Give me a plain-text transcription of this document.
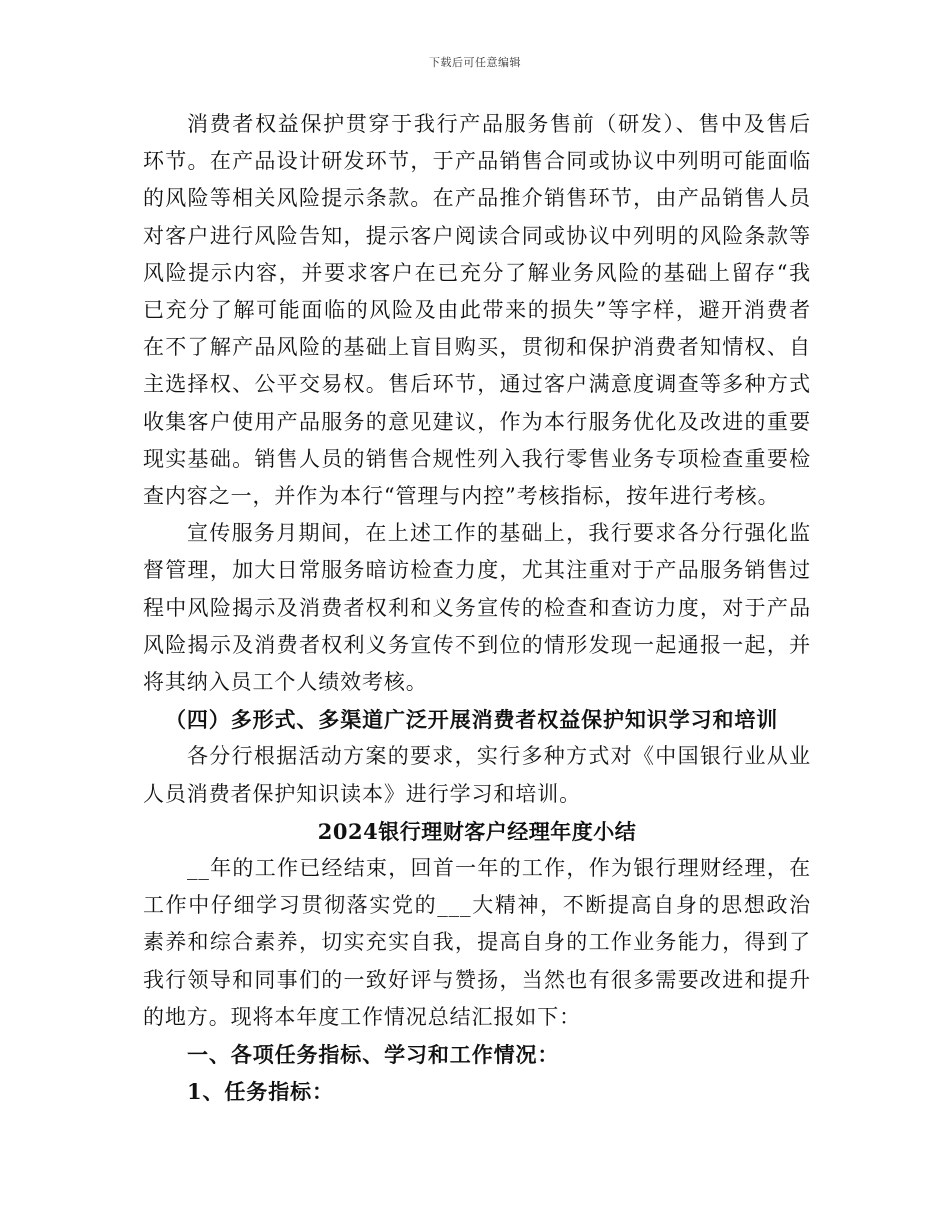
下载后可任意编辑

消费者权益保护贯穿于我行产品服务售前（研发）、售中及售后环节。在产品设计研发环节，于产品销售合同或协议中列明可能面临的风险等相关风险提示条款。在产品推介销售环节，由产品销售人员对客户进行风险告知，提示客户阅读合同或协议中列明的风险条款等风险提示内容，并要求客户在已充分了解业务风险的基础上留存“我已充分了解可能面临的风险及由此带来的损失”等字样，避开消费者在不了解产品风险的基础上盲目购买，贯彻和保护消费者知情权、自主选择权、公平交易权。售后环节，通过客户满意度调查等多种方式收集客户使用产品服务的意见建议，作为本行服务优化及改进的重要现实基础。销售人员的销售合规性列入我行零售业务专项检查重要检查内容之一，并作为本行“管理与内控”考核指标，按年进行考核。

宣传服务月期间，在上述工作的基础上，我行要求各分行强化监督管理，加大日常服务暗访检查力度，尤其注重对于产品服务销售过程中风险揭示及消费者权利和义务宣传的检查和查访力度，对于产品风险揭示及消费者权利义务宣传不到位的情形发现一起通报一起，并将其纳入员工个人绩效考核。

（四）多形式、多渠道广泛开展消费者权益保护知识学习和培训

各分行根据活动方案的要求，实行多种方式对《中国银行业从业人员消费者保护知识读本》进行学习和培训。

2024银行理财客户经理年度小结

__年的工作已经结束，回首一年的工作，作为银行理财经理，在工作中仔细学习贯彻落实党的___大精神，不断提高自身的思想政治素养和综合素养，切实充实自我，提高自身的工作业务能力，得到了我行领导和同事们的一致好评与赞扬，当然也有很多需要改进和提升的地方。现将本年度工作情况总结汇报如下：

一、各项任务指标、学习和工作情况：

1、任务指标：
